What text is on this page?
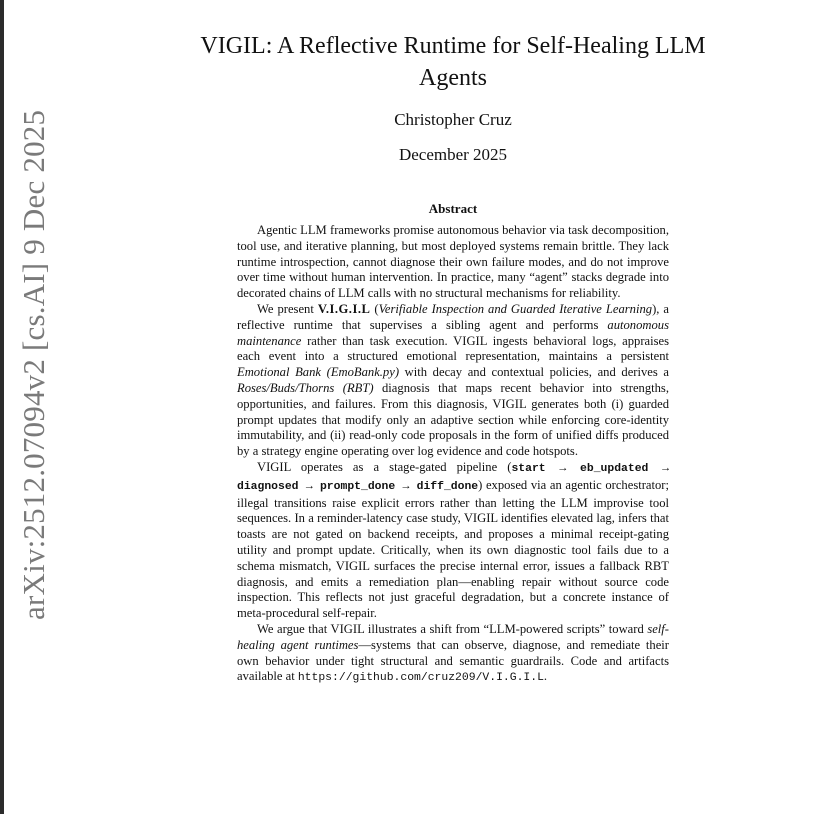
arXiv:2512.07094v2 [cs.AI] 9 Dec 2025
VIGIL: A Reflective Runtime for Self-Healing LLM Agents
Christopher Cruz
December 2025
Abstract

Agentic LLM frameworks promise autonomous behavior via task decomposition, tool use, and iterative planning, but most deployed systems remain brittle. They lack runtime introspection, cannot diagnose their own failure modes, and do not improve over time without human intervention. In practice, many “agent” stacks degrade into decorated chains of LLM calls with no structural mechanisms for reliability.

We present V.I.G.I.L (Verifiable Inspection and Guarded Iterative Learning), a reflective runtime that supervises a sibling agent and performs autonomous maintenance rather than task execution. VIGIL ingests behavioral logs, appraises each event into a structured emotional representation, maintains a persistent Emotional Bank (EmoBank.py) with decay and contextual policies, and derives a Roses/Buds/Thorns (RBT) diagnosis that maps recent behavior into strengths, opportunities, and failures. From this diagnosis, VIGIL generates both (i) guarded prompt updates that modify only an adaptive section while enforcing core-identity immutability, and (ii) read-only code proposals in the form of unified diffs produced by a strategy engine operating over log evidence and code hotspots.

VIGIL operates as a stage-gated pipeline (start → eb_updated → diagnosed → prompt_done → diff_done) exposed via an agentic orchestrator; illegal transitions raise explicit errors rather than letting the LLM improvise tool sequences. In a reminder-latency case study, VIGIL identifies elevated lag, infers that toasts are not gated on backend receipts, and proposes a minimal receipt-gating utility and prompt update. Critically, when its own diagnostic tool fails due to a schema mismatch, VIGIL surfaces the precise internal error, issues a fallback RBT diagnosis, and emits a remediation plan—enabling repair without source code inspection. This reflects not just graceful degradation, but a concrete instance of meta-procedural self-repair.

We argue that VIGIL illustrates a shift from “LLM-powered scripts” toward self-healing agent runtimes—systems that can observe, diagnose, and remediate their own behavior under tight structural and semantic guardrails. Code and artifacts available at https://github.com/cruz209/V.I.G.I.L.
